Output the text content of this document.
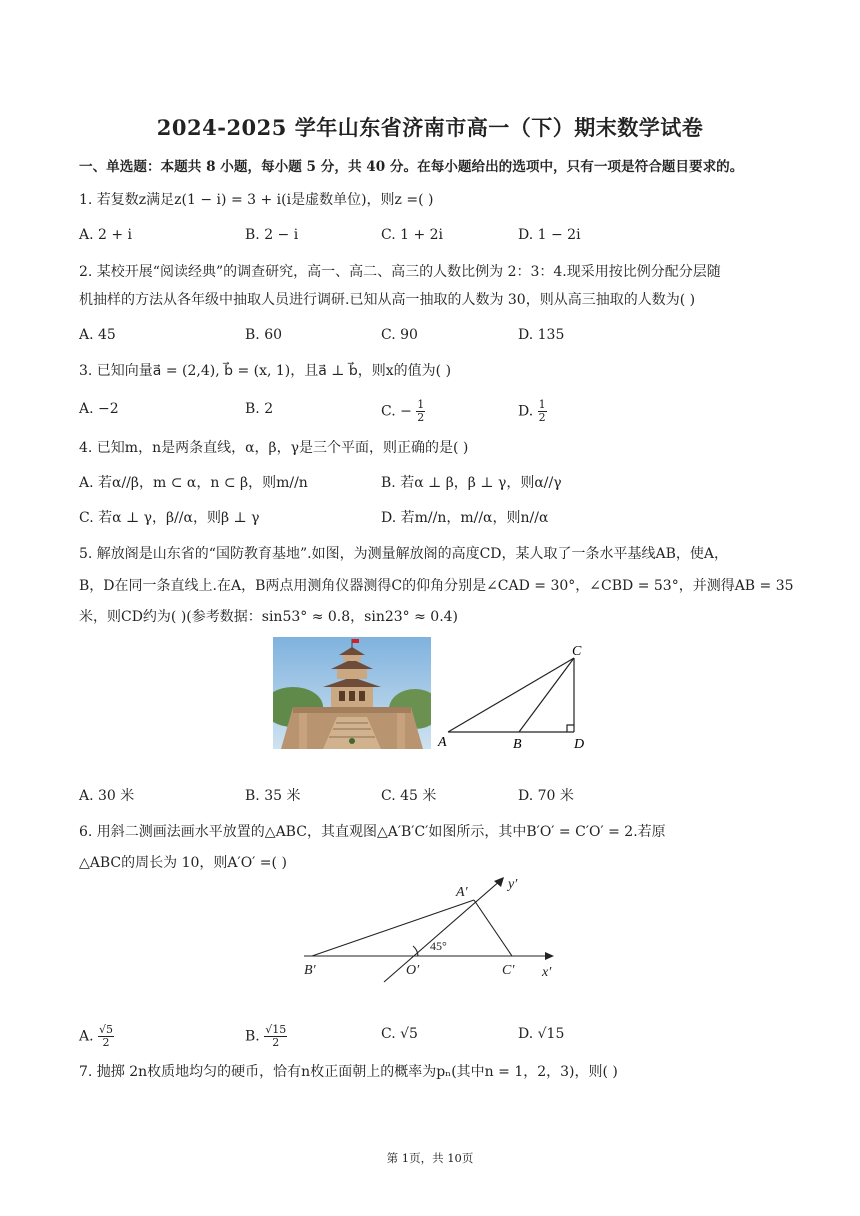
2024-2025 学年山东省济南市高一（下）期末数学试卷
一、单选题：本题共 8 小题，每小题 5 分，共 40 分。在每小题给出的选项中，只有一项是符合题目要求的。
1. 若复数z满足z(1 − i) = 3 + i(i是虚数单位)，则z =( )
A. 2 + i	B. 2 − i	C. 1 + 2i	D. 1 − 2i
2. 某校开展“阅读经典”的调查研究，高一、高二、高三的人数比例为 2：3：4.现采用按比例分配分层随
机抽样的方法从各年级中抽取人员进行调研.已知从高一抽取的人数为 30，则从高三抽取的人数为( )
A. 45	B. 60	C. 90	D. 135
3. 已知向量a⃗ = (2,4), b⃗ = (x, 1)，且a⃗ ⊥ b⃗，则x的值为( )
A. −2	B. 2	C. − $\frac{1}{2}$	D. $\frac{1}{2}$
4. 已知m，n是两条直线，α，β，γ是三个平面，则正确的是( )
A. 若α//β，m ⊂ α，n ⊂ β，则m//n	B. 若α ⊥ β，β ⊥ γ，则α//γ
C. 若α ⊥ γ，β//α，则β ⊥ γ	D. 若m//n，m//α，则n//α
5. 解放阁是山东省的“国防教育基地”.如图，为测量解放阁的高度CD，某人取了一条水平基线AB，使A，
B，D在同一条直线上.在A，B两点用测角仪器测得C的仰角分别是∠CAD = 30°，∠CBD = 53°，并测得AB = 35
米，则CD约为( )(参考数据：sin53° ≈ 0.8，sin23° ≈ 0.4)
A	B
C
D
A. 30 米	B. 35 米	C. 45 米	D. 70 米
6. 用斜二测画法画水平放置的△ABC，其直观图△A′B′C′如图所示，其中B′O′ = C′O′ = 2.若原
△ABC的周长为 10，则A′O′ =( )
A′
y′
B′	O′	C′ x′
45°
A. $\frac{√5}{2}$	B. $\frac{√15}{2}$	C. √5	D. √15
7. 抛掷 2n枚质地均匀的硬币，恰有n枚正面朝上的概率为pₙ(其中n = 1，2，3)，则( )
第 1页，共 10页
